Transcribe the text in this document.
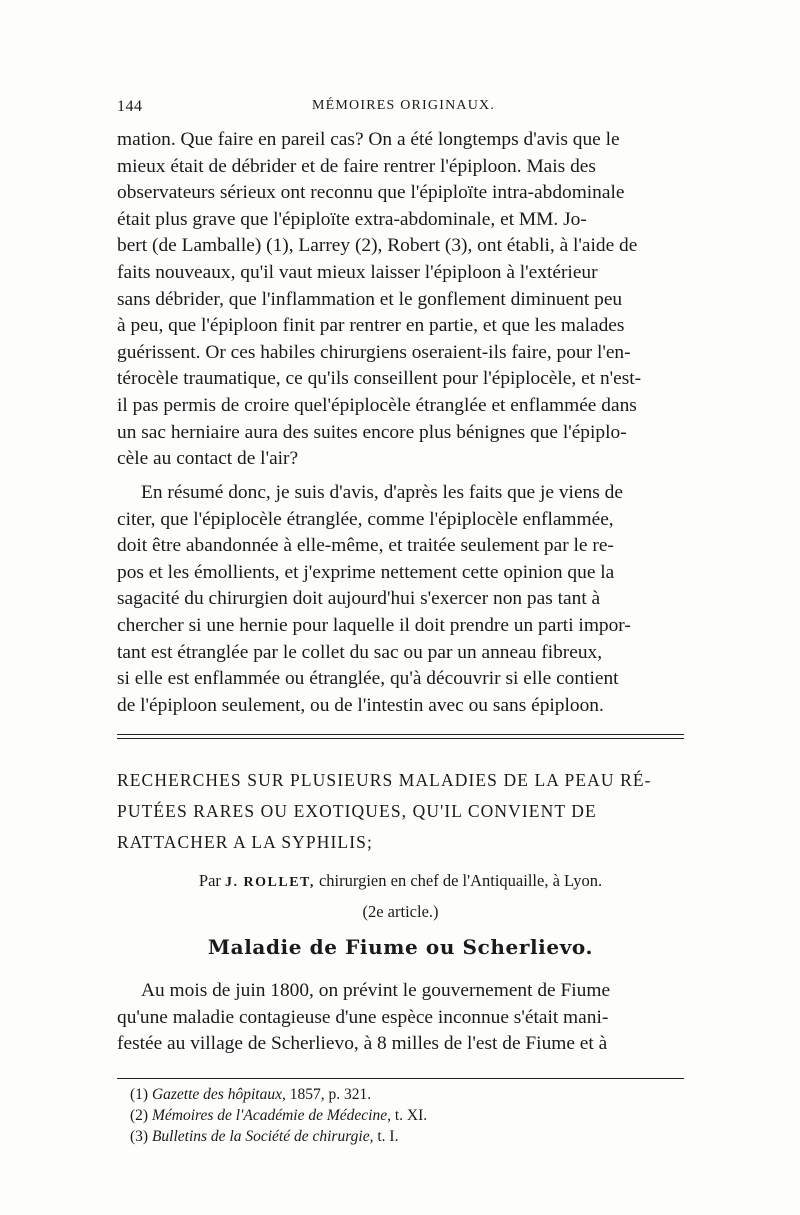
144	MÉMOIRES ORIGINAUX.

mation. Que faire en pareil cas? On a été longtemps d'avis que le

mieux était de débrider et de faire rentrer l'épiploon. Mais des

observateurs sérieux ont reconnu que l'épiploïte intra-abdominale

était plus grave que l'épiploïte extra-abdominale, et MM. Jo-

bert (de Lamballe) (1), Larrey (2), Robert (3), ont établi, à l'aide de

faits nouveaux, qu'il vaut mieux laisser l'épiploon à l'extérieur

sans débrider, que l'inflammation et le gonflement diminuent peu

à peu, que l'épiploon finit par rentrer en partie, et que les malades

guérissent. Or ces habiles chirurgiens oseraient-ils faire, pour l'en-

térocèle traumatique, ce qu'ils conseillent pour l'épiplocèle, et n'est-

il pas permis de croire quel'épiplocèle étranglée et enflammée dans

un sac herniaire aura des suites encore plus bénignes que l'épiplo-

cèle au contact de l'air?

En résumé donc, je suis d'avis, d'après les faits que je viens de

citer, que l'épiplocèle étranglée, comme l'épiplocèle enflammée,

doit être abandonnée à elle-même, et traitée seulement par le re-

pos et les émollients, et j'exprime nettement cette opinion que la

sagacité du chirurgien doit aujourd'hui s'exercer non pas tant à

chercher si une hernie pour laquelle il doit prendre un parti impor-

tant est étranglée par le collet du sac ou par un anneau fibreux,

si elle est enflammée ou étranglée, qu'à découvrir si elle contient

de l'épiploon seulement, ou de l'intestin avec ou sans épiploon.

RECHERCHES SUR PLUSIEURS MALADIES DE LA PEAU RÉ-

PUTÉES RARES OU EXOTIQUES, QU'IL CONVIENT DE

RATTACHER A LA SYPHILIS;

Par J. ROLLET, chirurgien en chef de l'Antiquaille, à Lyon.
(2e article.)
Maladie de Fiume ou Scherlievo.

Au mois de juin 1800, on prévint le gouvernement de Fiume

qu'une maladie contagieuse d'une espèce inconnue s'était mani-

festée au village de Scherlievo, à 8 milles de l'est de Fiume et à

(1) Gazette des hôpitaux, 1857, p. 321.
(2) Mémoires de l'Académie de Médecine, t. XI.
(3) Bulletins de la Société de chirurgie, t. I.
